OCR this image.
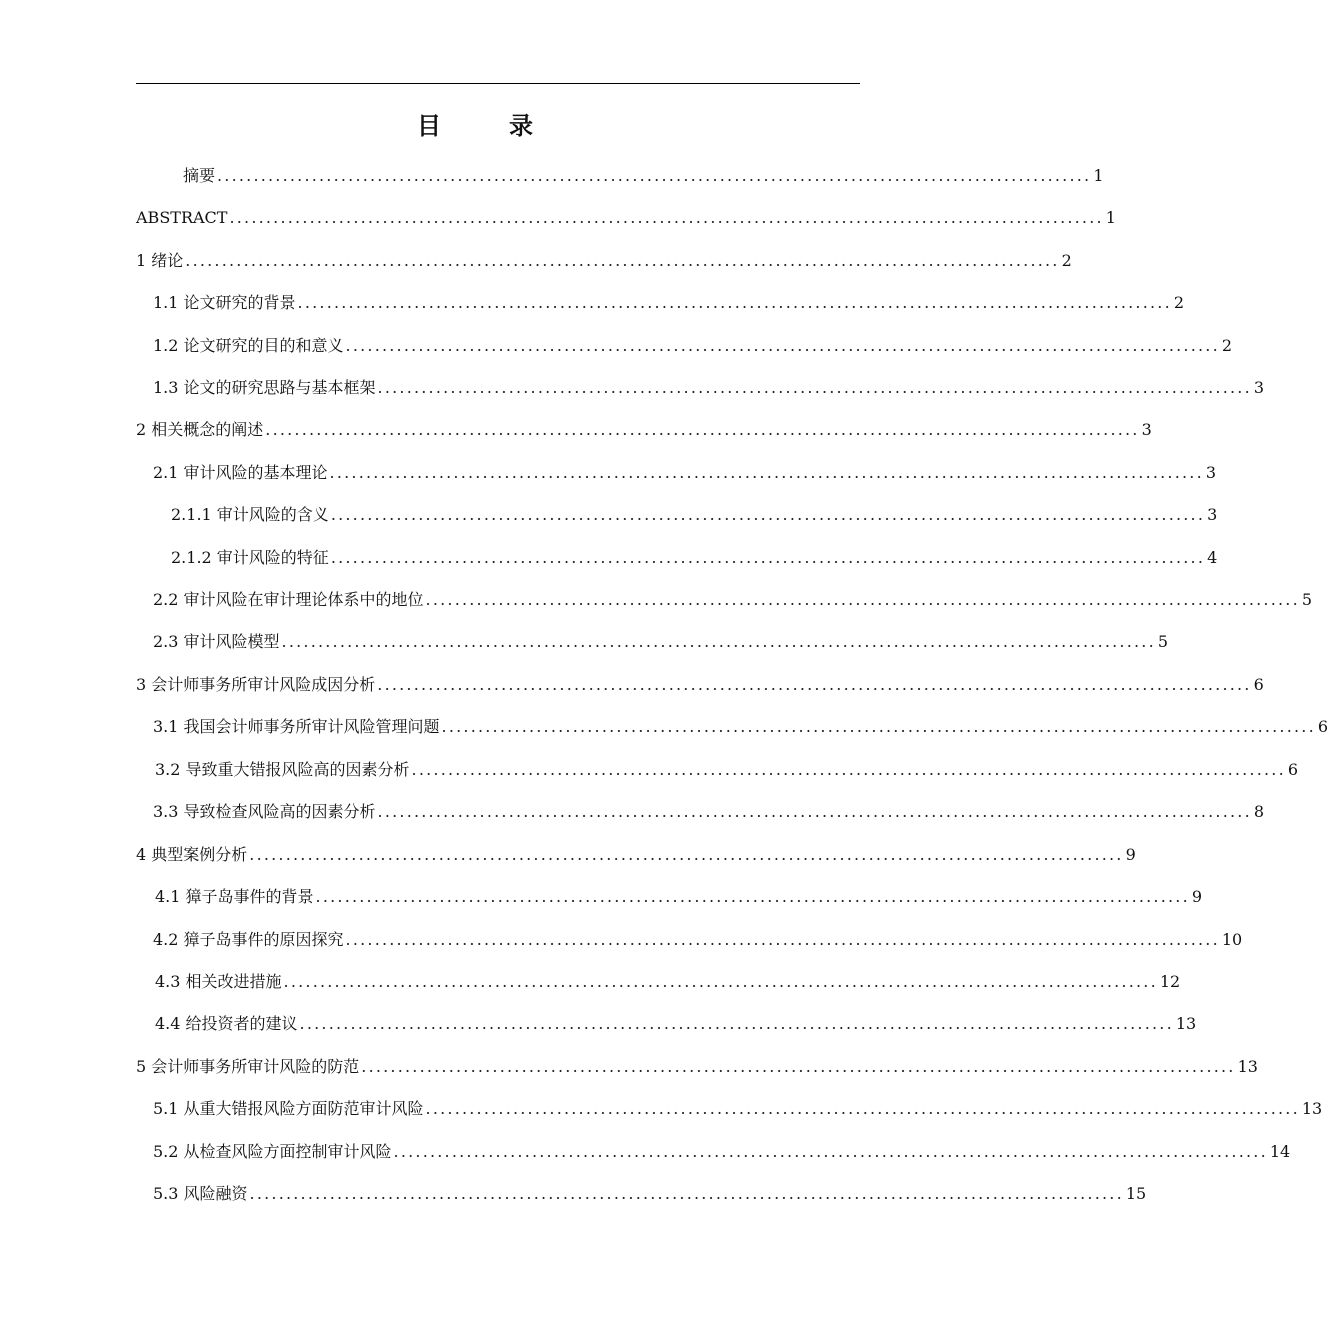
目　录
摘要 ........................................................................................................................ 1
ABSTRACT ........................................................................................................................ 1
1 绪论 ........................................................................................................................ 2
1.1 论文研究的背景 ........................................................................................................................ 2
1.2 论文研究的目的和意义 ........................................................................................................................ 2
1.3 论文的研究思路与基本框架 ........................................................................................................................ 3
2 相关概念的阐述 ........................................................................................................................ 3
2.1 审计风险的基本理论 ........................................................................................................................ 3
2.1.1 审计风险的含义 ........................................................................................................................ 3
2.1.2 审计风险的特征 ........................................................................................................................ 4
2.2 审计风险在审计理论体系中的地位 ........................................................................................................................ 5
2.3 审计风险模型 ........................................................................................................................ 5
3 会计师事务所审计风险成因分析 ........................................................................................................................ 6
3.1 我国会计师事务所审计风险管理问题 ........................................................................................................................ 6
3.2 导致重大错报风险高的因素分析 ........................................................................................................................ 6
3.3 导致检查风险高的因素分析 ........................................................................................................................ 8
4 典型案例分析 ........................................................................................................................ 9
4.1 獐子岛事件的背景 ........................................................................................................................ 9
4.2 獐子岛事件的原因探究 ........................................................................................................................ 10
4.3 相关改进措施 ........................................................................................................................ 12
4.4 给投资者的建议 ........................................................................................................................ 13
5 会计师事务所审计风险的防范 ........................................................................................................................ 13
5.1 从重大错报风险方面防范审计风险 ........................................................................................................................ 13
5.2 从检查风险方面控制审计风险 ........................................................................................................................ 14
5.3 风险融资 ........................................................................................................................ 15
